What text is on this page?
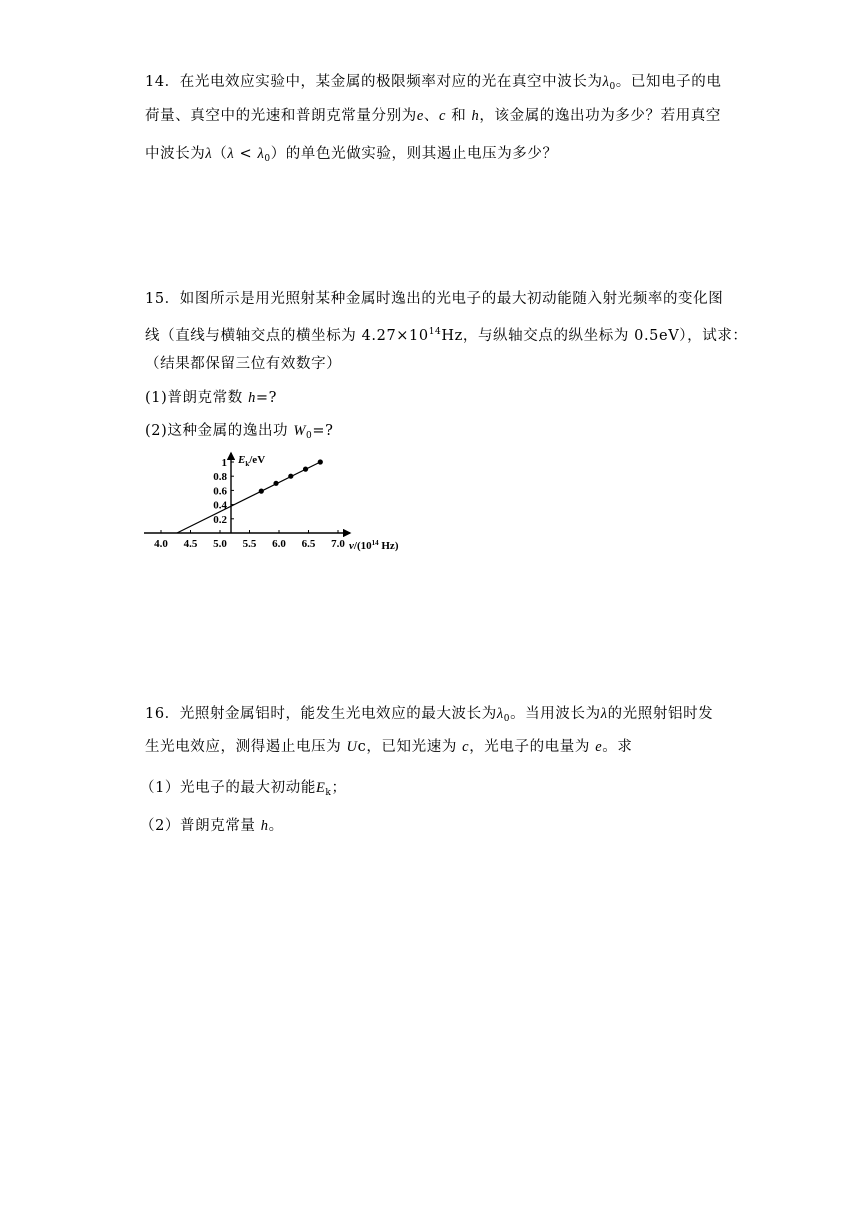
14．在光电效应实验中，某金属的极限频率对应的光在真空中波长为$\lambda_0$。已知电子的电
荷量、真空中的光速和普朗克常量分别为e、c 和 h，该金属的逸出功为多少？若用真空
中波长为$\lambda(\lambda < \lambda_0)$的单色光做实验，则其遏止电压为多少？
15．如图所示是用光照射某种金属时逸出的光电子的最大初动能随入射光频率的变化图
线（直线与横轴交点的横坐标为 $4.27\times 10^{14}Hz$，与纵轴交点的纵坐标为 0.5eV），试求：
（结果都保留三位有效数字）
(1)普朗克常数 h=?
(2)这种金属的逸出功 $W_0=$?
4.0 4.5 5.0 5.5 6.0 6.5 7.0
0.2
0.4
0.6
0.8
1 $E_k/eV$
$\nu/(10^{14}$ Hz)
16．光照射金属铝时，能发生光电效应的最大波长为$\lambda_0$。当用波长为λ的光照射铝时发
生光电效应，测得遏止电压为 Uc，已知光速为 c，光电子的电量为 e。求
（1）光电子的最大初动能$E_k$；
（2）普朗克常量 h。
